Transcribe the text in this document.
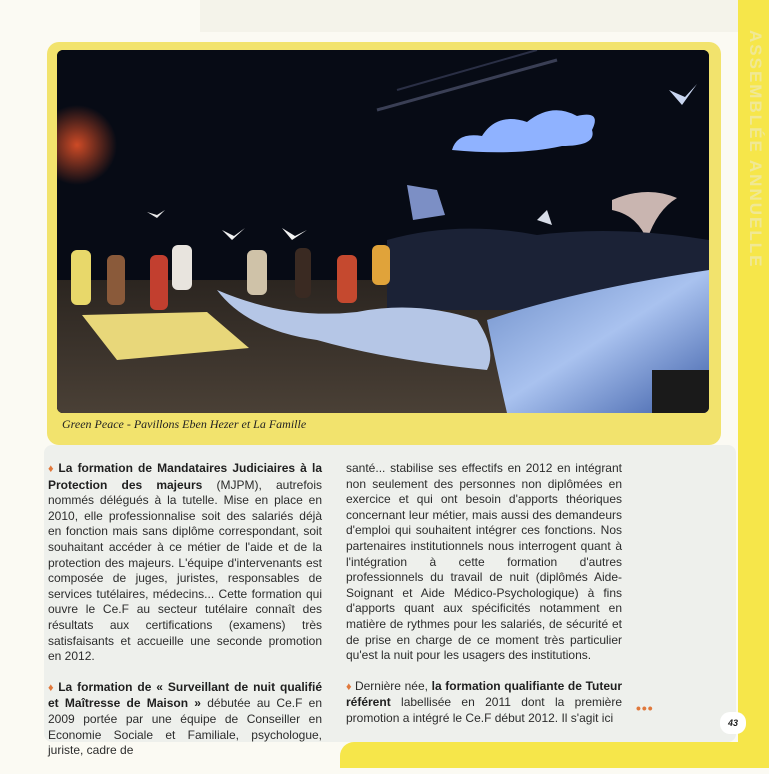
ASSEMBLÉE ANNUELLE
Green Peace - Pavillons Eben Hezer et La Famille

♦ La formation de Mandataires Judiciaires à la Protection des majeurs (MJPM), autrefois nommés délégués à la tutelle. Mise en place en 2010, elle professionnalise soit des salariés déjà en fonction mais sans diplôme correspondant, soit souhaitant accéder à ce métier de l'aide et de la protection des majeurs. L'équipe d'intervenants est composée de juges, juristes, responsables de services tutélaires, médecins... Cette formation qui ouvre le Ce.F au secteur tutélaire connaît des résultats aux certifications (examens) très satisfaisants et accueille une seconde promotion en 2012.

♦ La formation de « Surveillant de nuit qualifié et Maîtresse de Maison » débutée au Ce.F en 2009 portée par une équipe de Conseiller en Economie Sociale et Familiale, psychologue, juriste, cadre de

santé... stabilise ses effectifs en 2012 en intégrant non seulement des personnes non diplômées en exercice et qui ont besoin d'apports théoriques concernant leur métier, mais aussi des demandeurs d'emploi qui souhaitent intégrer ces fonctions. Nos partenaires institutionnels nous interrogent quant à l'intégration à cette formation d'autres professionnels du travail de nuit (diplômés Aide-Soignant et Aide Médico-Psychologique) à fins d'apports quant aux spécificités notamment en matière de rythmes pour les salariés, de sécurité et de prise en charge de ce moment très particulier qu'est la nuit pour les usagers des institutions.

♦ Dernière née, la formation qualifiante de Tuteur référent labellisée en 2011 dont la première promotion a intégré le Ce.F début 2012. Il s'agit ici

•••
43
